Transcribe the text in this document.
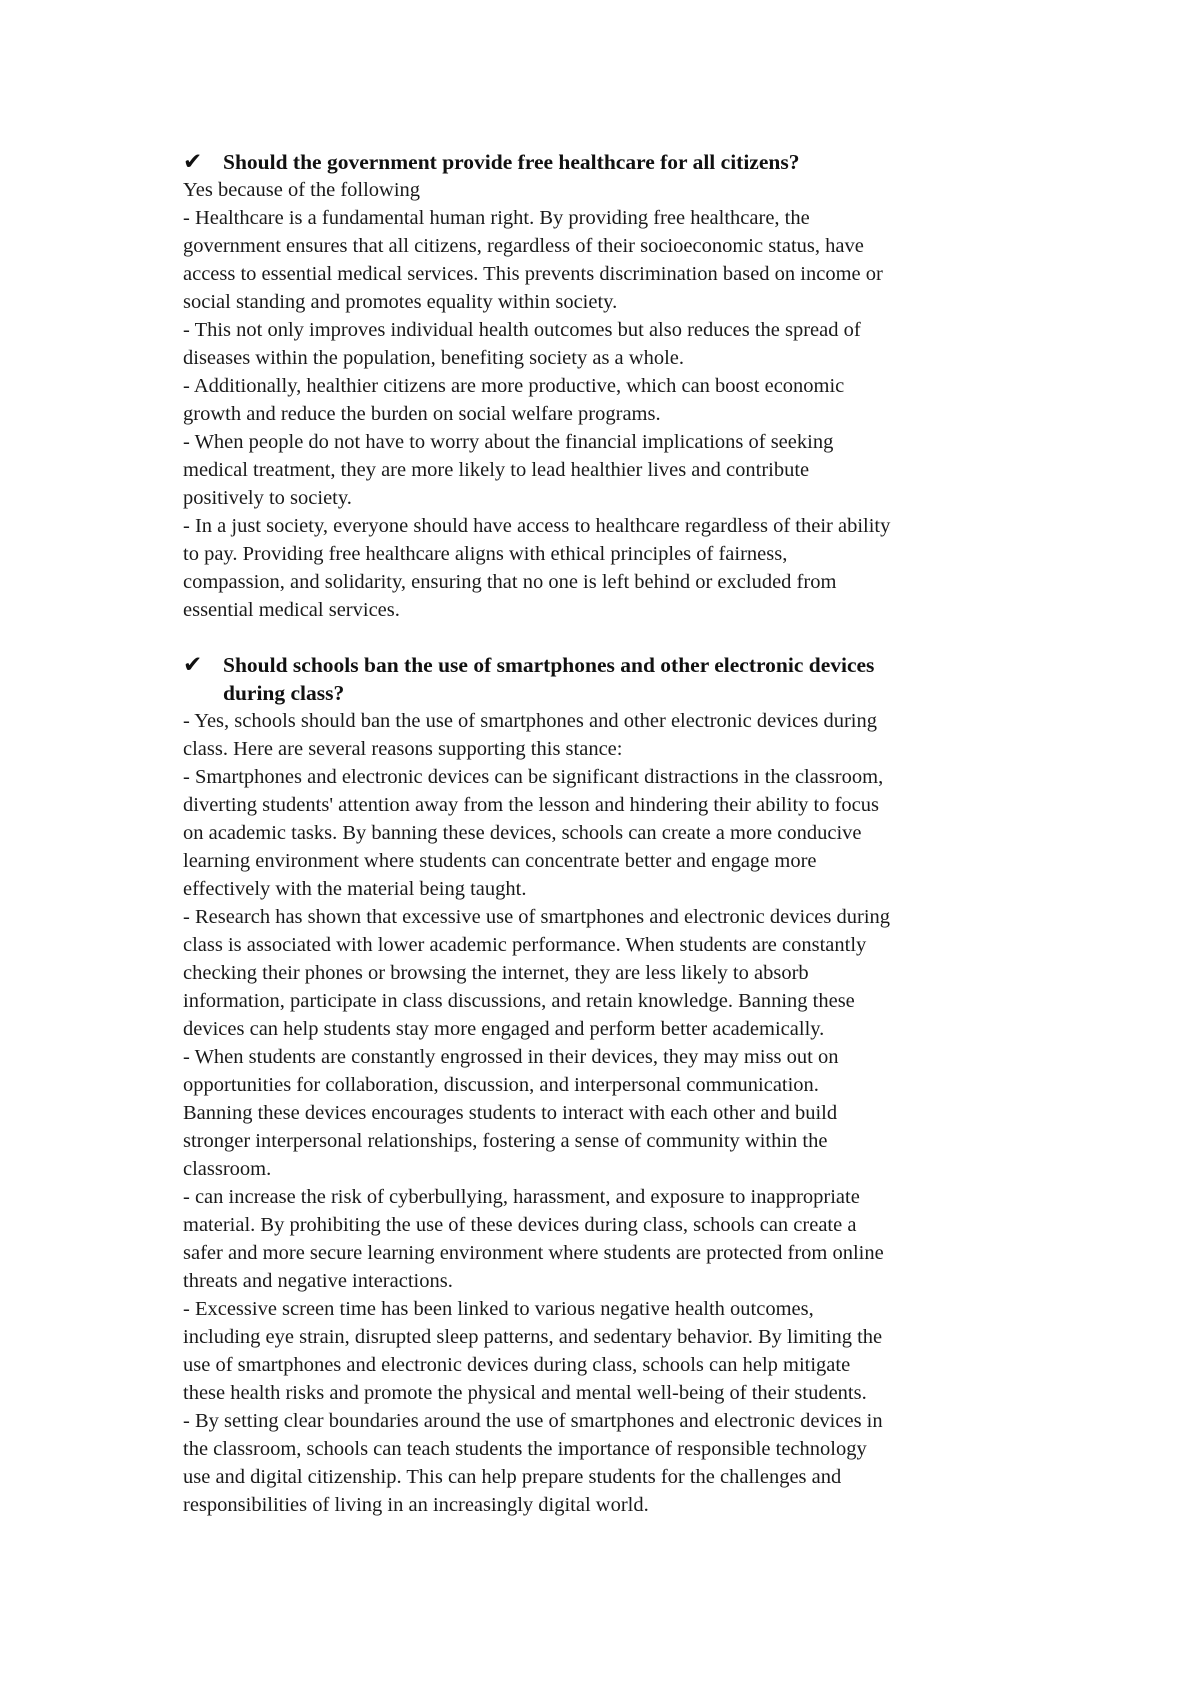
✔ Should the government provide free healthcare for all citizens?
Yes because of the following
- Healthcare is a fundamental human right. By providing free healthcare, the
government ensures that all citizens, regardless of their socioeconomic status, have
access to essential medical services. This prevents discrimination based on income or
social standing and promotes equality within society.
- This not only improves individual health outcomes but also reduces the spread of
diseases within the population, benefiting society as a whole.
- Additionally, healthier citizens are more productive, which can boost economic
growth and reduce the burden on social welfare programs.
- When people do not have to worry about the financial implications of seeking
medical treatment, they are more likely to lead healthier lives and contribute
positively to society.
- In a just society, everyone should have access to healthcare regardless of their ability
to pay. Providing free healthcare aligns with ethical principles of fairness,
compassion, and solidarity, ensuring that no one is left behind or excluded from
essential medical services.
✔ Should schools ban the use of smartphones and other electronic devices
during class?
- Yes, schools should ban the use of smartphones and other electronic devices during
class. Here are several reasons supporting this stance:
- Smartphones and electronic devices can be significant distractions in the classroom,
diverting students' attention away from the lesson and hindering their ability to focus
on academic tasks. By banning these devices, schools can create a more conducive
learning environment where students can concentrate better and engage more
effectively with the material being taught.
- Research has shown that excessive use of smartphones and electronic devices during
class is associated with lower academic performance. When students are constantly
checking their phones or browsing the internet, they are less likely to absorb
information, participate in class discussions, and retain knowledge. Banning these
devices can help students stay more engaged and perform better academically.
- When students are constantly engrossed in their devices, they may miss out on
opportunities for collaboration, discussion, and interpersonal communication.
Banning these devices encourages students to interact with each other and build
stronger interpersonal relationships, fostering a sense of community within the
classroom.
- can increase the risk of cyberbullying, harassment, and exposure to inappropriate
material. By prohibiting the use of these devices during class, schools can create a
safer and more secure learning environment where students are protected from online
threats and negative interactions.
- Excessive screen time has been linked to various negative health outcomes,
including eye strain, disrupted sleep patterns, and sedentary behavior. By limiting the
use of smartphones and electronic devices during class, schools can help mitigate
these health risks and promote the physical and mental well-being of their students.
- By setting clear boundaries around the use of smartphones and electronic devices in
the classroom, schools can teach students the importance of responsible technology
use and digital citizenship. This can help prepare students for the challenges and
responsibilities of living in an increasingly digital world.
